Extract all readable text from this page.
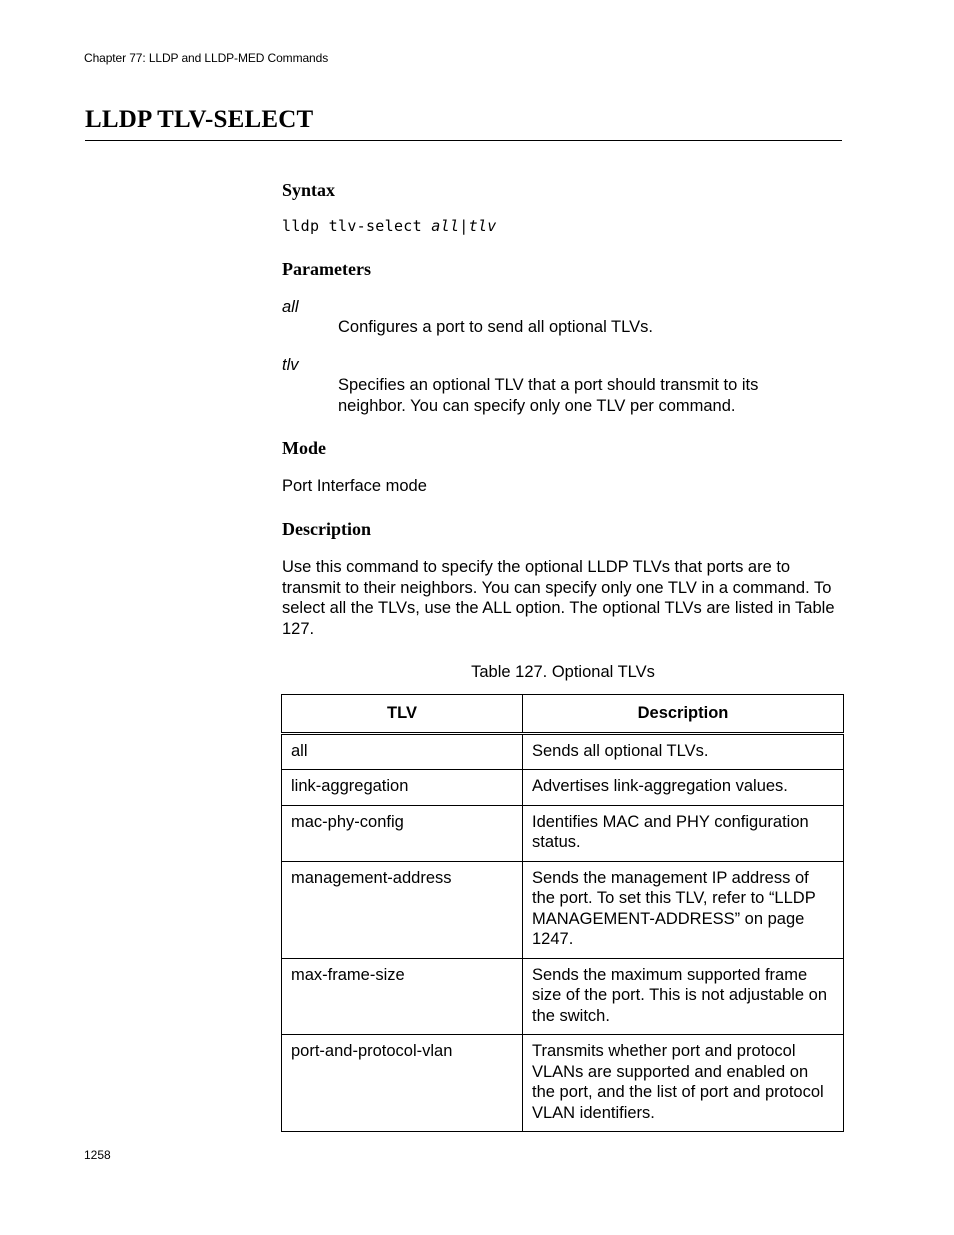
Chapter 77: LLDP and LLDP-MED Commands
LLDP TLV-SELECT
Syntax
lldp tlv-select all|tlv
Parameters
all
Configures a port to send all optional TLVs.
tlv
Specifies an optional TLV that a port should transmit to its neighbor. You can specify only one TLV per command.
Mode
Port Interface mode
Description
Use this command to specify the optional LLDP TLVs that ports are to transmit to their neighbors. You can specify only one TLV in a command. To select all the TLVs, use the ALL option. The optional TLVs are listed in Table 127.
Table 127. Optional TLVs
TLV	Description
all	Sends all optional TLVs.
link-aggregation	Advertises link-aggregation values.
mac-phy-config	Identifies MAC and PHY configuration status.
management-address	Sends the management IP address of the port. To set this TLV, refer to “LLDP MANAGEMENT-ADDRESS” on page 1247.
max-frame-size	Sends the maximum supported frame size of the port. This is not adjustable on the switch.
port-and-protocol-vlan	Transmits whether port and protocol VLANs are supported and enabled on the port, and the list of port and protocol VLAN identifiers.
1258
